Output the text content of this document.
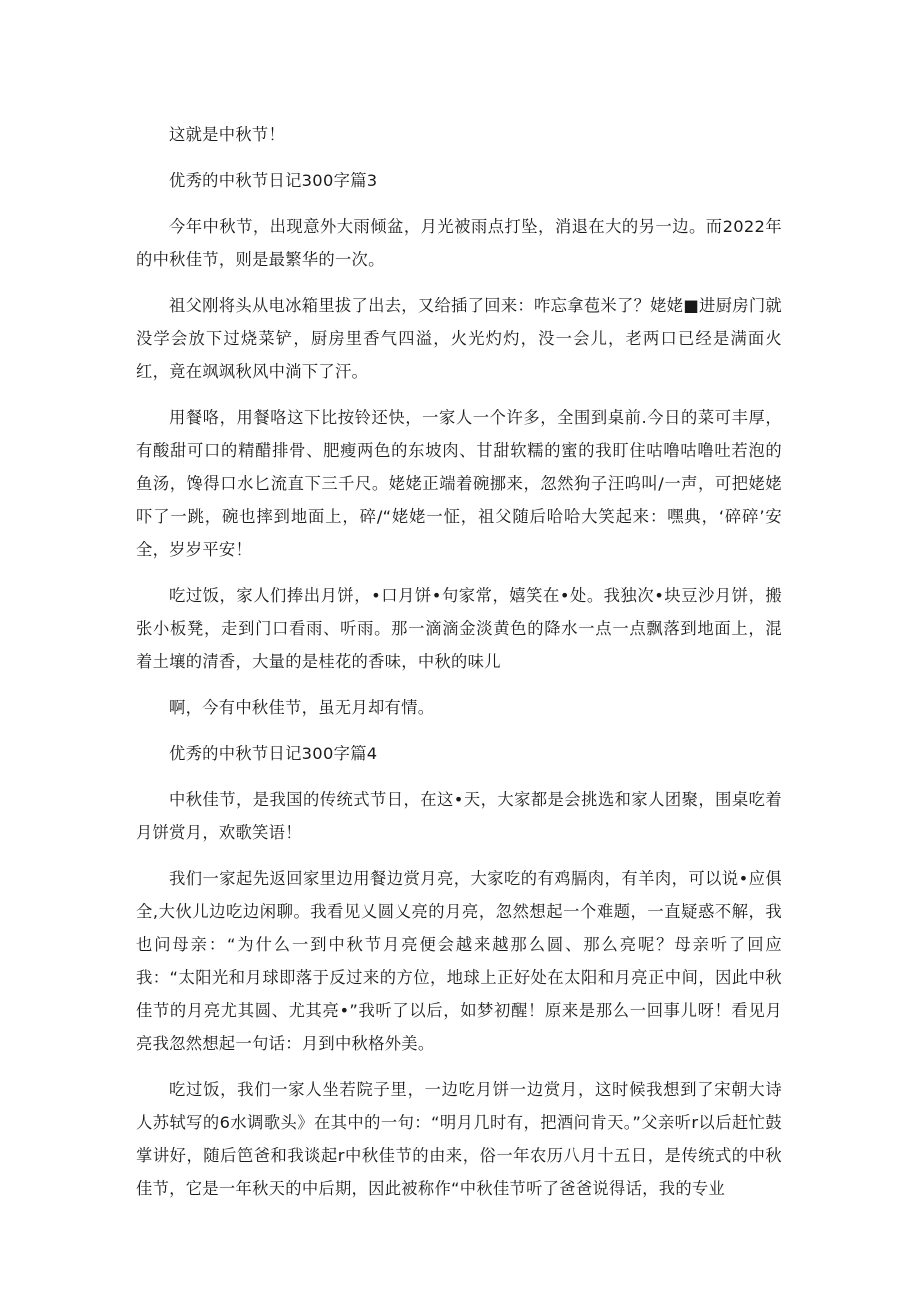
这就是中秋节！

优秀的中秋节日记300字篇3

今年中秋节，出现意外大雨倾盆，月光被雨点打坠，消退在大的另一边。而2022年的中秋佳节，则是最繁华的一次。

祖父刚将头从电冰箱里拔了出去，又给插了回来：咋忘拿苞米了？姥姥■进厨房门就没学会放下过烧菜铲，厨房里香气四溢，火光灼灼，没一会儿，老两口已经是满面火红，竟在飒飒秋风中淌下了汗。

用餐咯，用餐咯这下比按铃还快，一家人一个许多，全围到桌前.今日的菜可丰厚，有酸甜可口的精醋排骨、肥瘦两色的东坡肉、甘甜软糯的蜜的我盯住咕噜咕噜吐若泡的鱼汤，馋得口水匕流直下三千尺。姥姥正端着碗挪来，忽然狗子汪呜叫/一声，可把姥姥吓了一跳，碗也摔到地面上，碎/“姥姥一怔，祖父随后哈哈大笑起来：嘿典，‘碎碎’安全，岁岁平安！

吃过饭，家人们捧出月饼，•口月饼•句家常，嬉笑在•处。我独次•块豆沙月饼，搬张小板凳，走到门口看雨、听雨。那一滴滴金淡黄色的降水一点一点飘落到地面上，混着土壤的清香，大量的是桂花的香味，中秋的味儿

啊，今有中秋佳节，虽无月却有情。

优秀的中秋节日记300字篇4

中秋佳节，是我国的传统式节日，在这•天，大家都是会挑选和家人团聚，围桌吃着月饼赏月，欢歌笑语！

我们一家起先返回家里边用餐边赏月亮，大家吃的有鸡膈肉，有羊肉，可以说•应俱全,大伙儿边吃边闲聊。我看见乂圆乂亮的月亮，忽然想起一个难题，一直疑惑不解，我也问母亲：“为什么一到中秋节月亮便会越来越那么圆、那么亮呢？母亲听了回应我：“太阳光和月球即落于反过来的方位，地球上正好处在太阳和月亮正中间，因此中秋佳节的月亮尤其圆、尤其亮•”我听了以后，如梦初醒！原来是那么一回事儿呀！看见月亮我忽然想起一句话：月到中秋格外美。

吃过饭，我们一家人坐若院子里，一边吃月饼一边赏月，这时候我想到了宋朝大诗人苏轼写的6水调歌头》在其中的一句：“明月几时有，把酒问肯天。”父亲听r以后赶忙鼓掌讲好，随后笆爸和我谈起r中秋佳节的由来，俗一年农历八月十五日，是传统式的中秋佳节，它是一年秋天的中后期，因此被称作“中秋佳节听了爸爸说得话，我的专业
